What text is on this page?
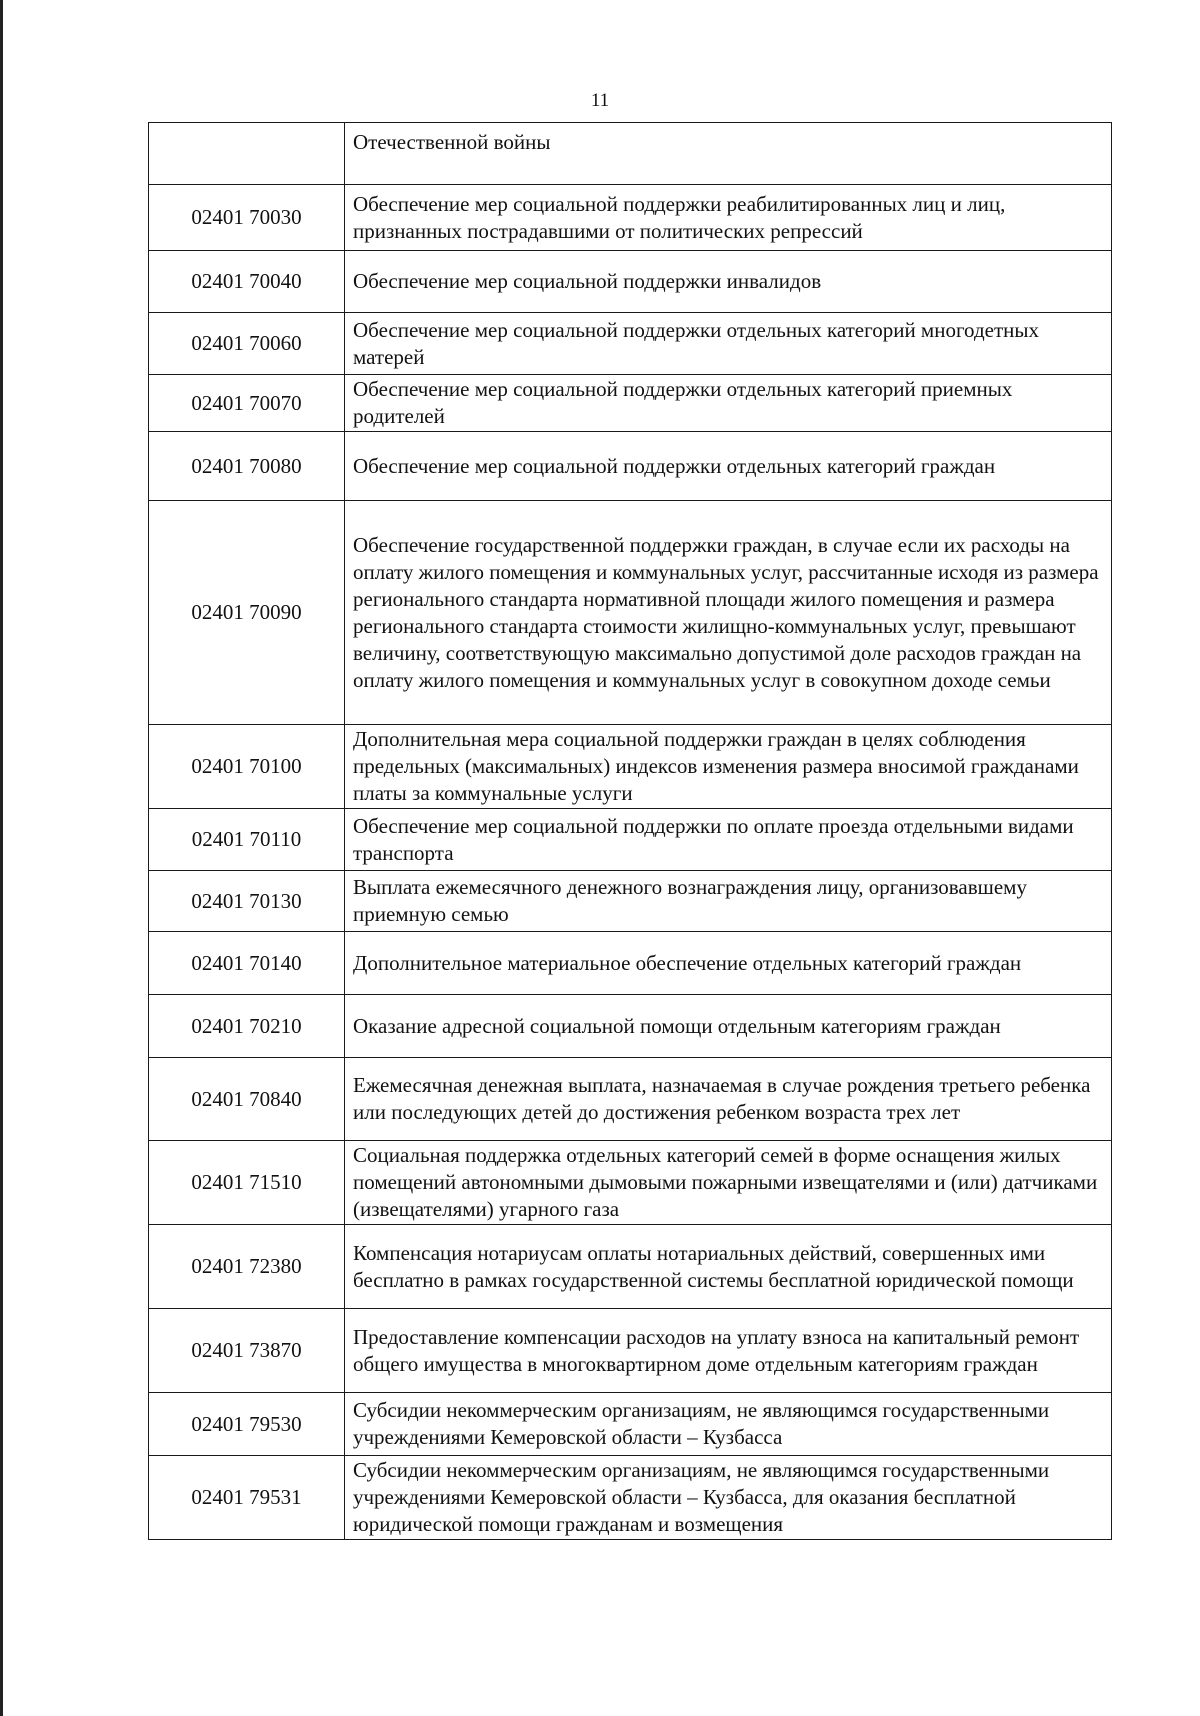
11
	Отечественной войны
02401 70030	Обеспечение мер социальной поддержки реабилитированных лиц и лиц, признанных пострадавшими от политических репрессий
02401 70040	Обеспечение мер социальной поддержки инвалидов
02401 70060	Обеспечение мер социальной поддержки отдельных категорий многодетных матерей
02401 70070	Обеспечение мер социальной поддержки отдельных категорий приемных родителей
02401 70080	Обеспечение мер социальной поддержки отдельных категорий граждан
02401 70090	Обеспечение государственной поддержки граждан, в случае если их расходы на оплату жилого помещения и коммунальных услуг, рассчитанные исходя из размера регионального стандарта нормативной площади жилого помещения и размера регионального стандарта стоимости жилищно-коммунальных услуг, превышают величину, соответствующую максимально допустимой доле расходов граждан на оплату жилого помещения и коммунальных услуг в совокупном доходе семьи
02401 70100	Дополнительная мера социальной поддержки граждан в целях соблюдения предельных (максимальных) индексов изменения размера вносимой гражданами платы за коммунальные услуги
02401 70110	Обеспечение мер социальной поддержки по оплате проезда отдельными видами транспорта
02401 70130	Выплата ежемесячного денежного вознаграждения лицу, организовавшему приемную семью
02401 70140	Дополнительное материальное обеспечение отдельных категорий граждан
02401 70210	Оказание адресной социальной помощи отдельным категориям граждан
02401 70840	Ежемесячная денежная выплата, назначаемая в случае рождения третьего ребенка или последующих детей до достижения ребенком возраста трех лет
02401 71510	Социальная поддержка отдельных категорий семей в форме оснащения жилых помещений автономными дымовыми пожарными извещателями и (или) датчиками (извещателями) угарного газа
02401 72380	Компенсация нотариусам оплаты нотариальных действий, совершенных ими бесплатно в рамках государственной системы бесплатной юридической помощи
02401 73870	Предоставление компенсации расходов на уплату взноса на капитальный ремонт общего имущества в многоквартирном доме отдельным категориям граждан
02401 79530	Субсидии некоммерческим организациям, не являющимся государственными учреждениями Кемеровской области – Кузбасса
02401 79531	Субсидии некоммерческим организациям, не являющимся государственными учреждениями Кемеровской области – Кузбасса, для оказания бесплатной юридической помощи гражданам и возмещения
